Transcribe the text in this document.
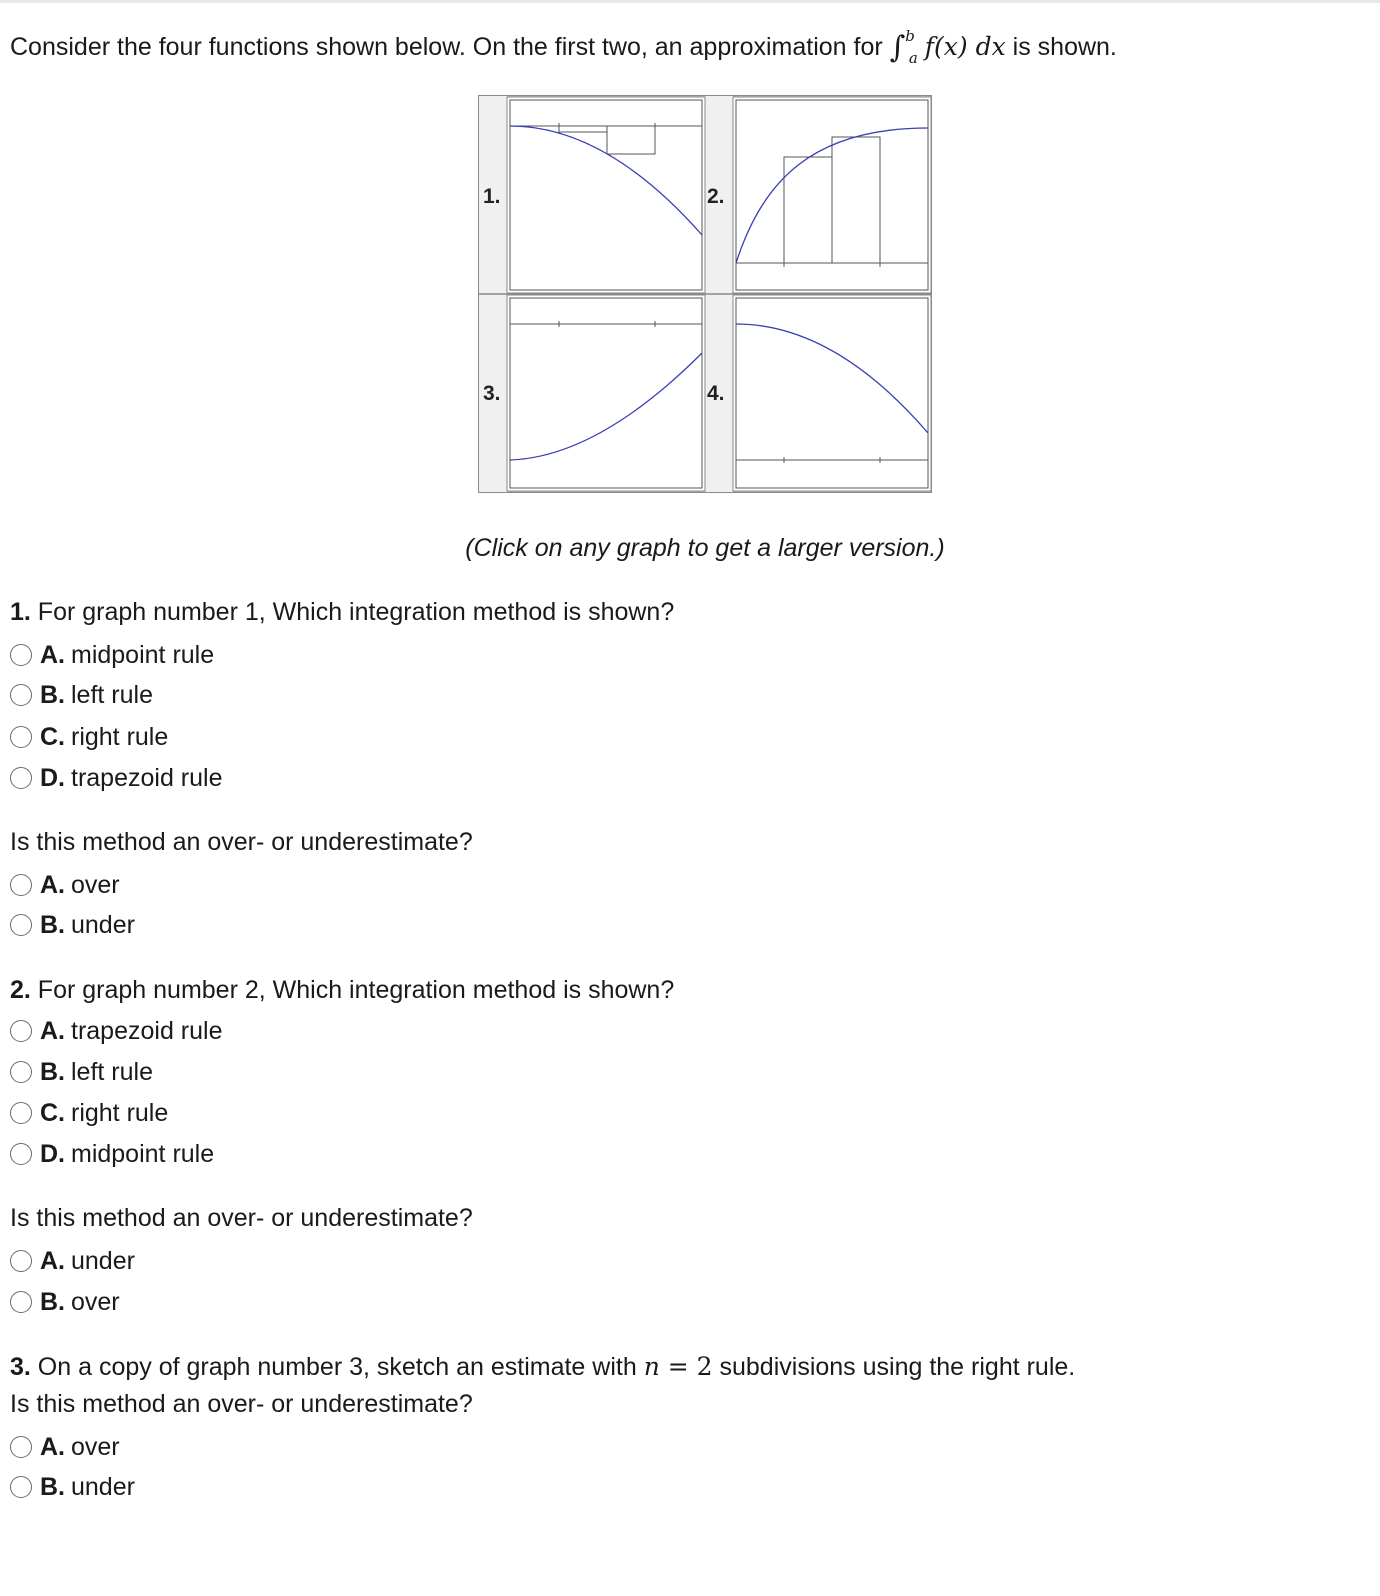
Consider the four functions shown below. On the first two, an approximation for ∫$^b_a$ f(x) dx is shown.
1.	2.
3.	4.
(Click on any graph to get a larger version.)
1. For graph number 1, Which integration method is shown?
A. midpoint rule
B. left rule
C. right rule
D. trapezoid rule
Is this method an over- or underestimate?
A. over
B. under
2. For graph number 2, Which integration method is shown?
A. trapezoid rule
B. left rule
C. right rule
D. midpoint rule
Is this method an over- or underestimate?
A. under
B. over
3. On a copy of graph number 3, sketch an estimate with n = 2 subdivisions using the right rule.
Is this method an over- or underestimate?
A. over
B. under
